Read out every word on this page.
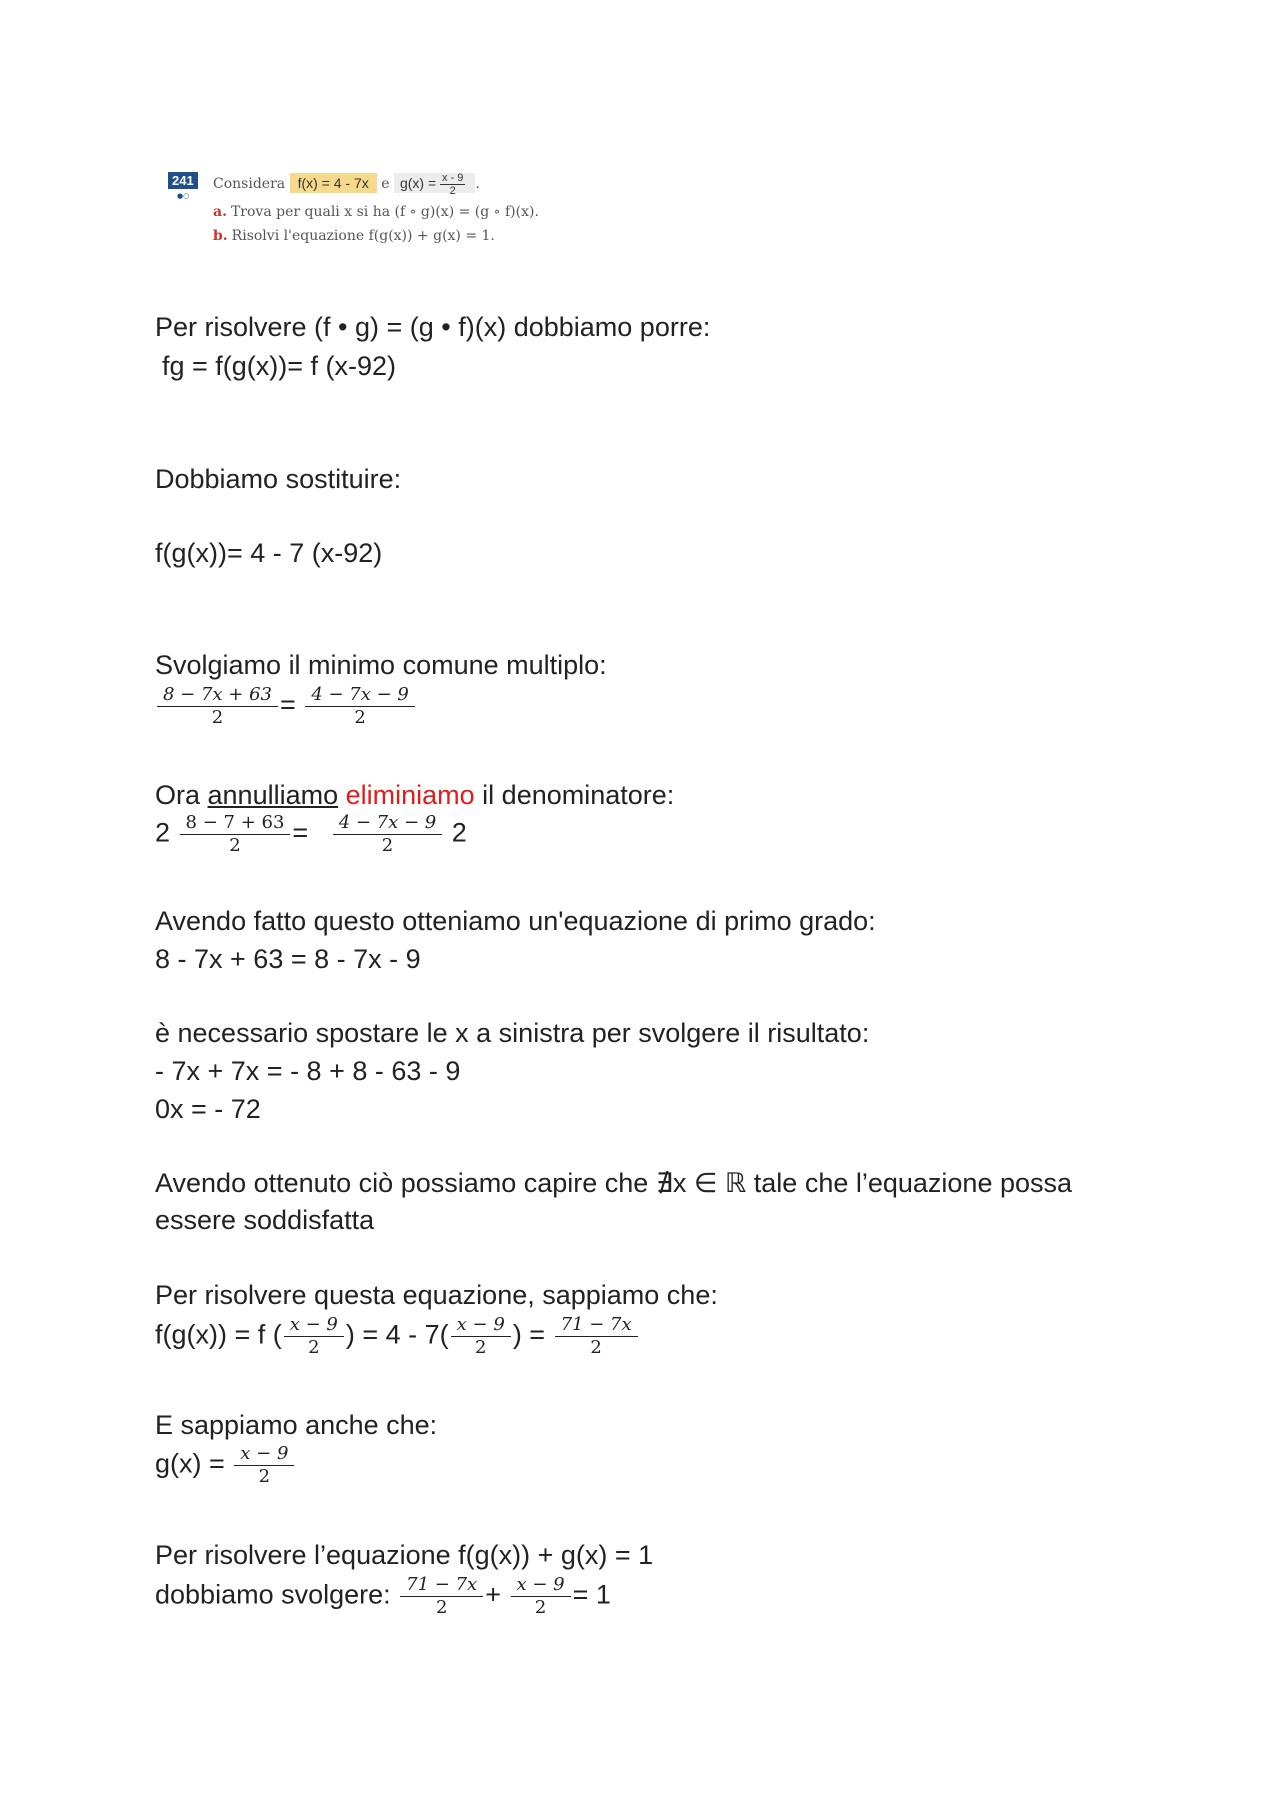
241
●○
Considera f(x) = 4 - 7x e $g(x) = \frac{x - 9}{2}$ .
a. Trova per quali x si ha (f ∘ g)(x) = (g ∘ f)(x).
b. Risolvi l'equazione f(g(x)) + g(x) = 1.
Per risolvere (f • g) = (g • f)(x) dobbiamo porre:
fg = f(g(x))= f (x-92)
Dobbiamo sostituire:
f(g(x))= 4 - 7 (x-92)
Svolgiamo il minimo comune multiplo:
$\frac{8 - 7x + 63}{2} = \frac{4 - 7x - 9}{2}$
Ora annulliamo eliminiamo il denominatore:
$2 \frac{8 - 7 + 63}{2} = \frac{4 - 7x - 9}{2} 2$
Avendo fatto questo otteniamo un'equazione di primo grado:
8 - 7x + 63 = 8 - 7x - 9
è necessario spostare le x a sinistra per svolgere il risultato:
- 7x + 7x = - 8 + 8 - 63 - 9
0x = - 72
Avendo ottenuto ciò possiamo capire che ∄x ∈ ℝ tale che l’equazione possa
essere soddisfatta
Per risolvere questa equazione, sappiamo che:
f(g(x)) = f ( $\frac{x - 9}{2}$ ) = $4 - 7( \frac{x - 9}{2}$ ) = $\frac{71 - 7x}{2}$
E sappiamo anche che:
$g(x) = \frac{x - 9}{2}$
Per risolvere l’equazione f(g(x)) + g(x) = 1
dobbiamo svolgere: $\frac{71 - 7x}{2} + \frac{x - 9}{2} = 1$
